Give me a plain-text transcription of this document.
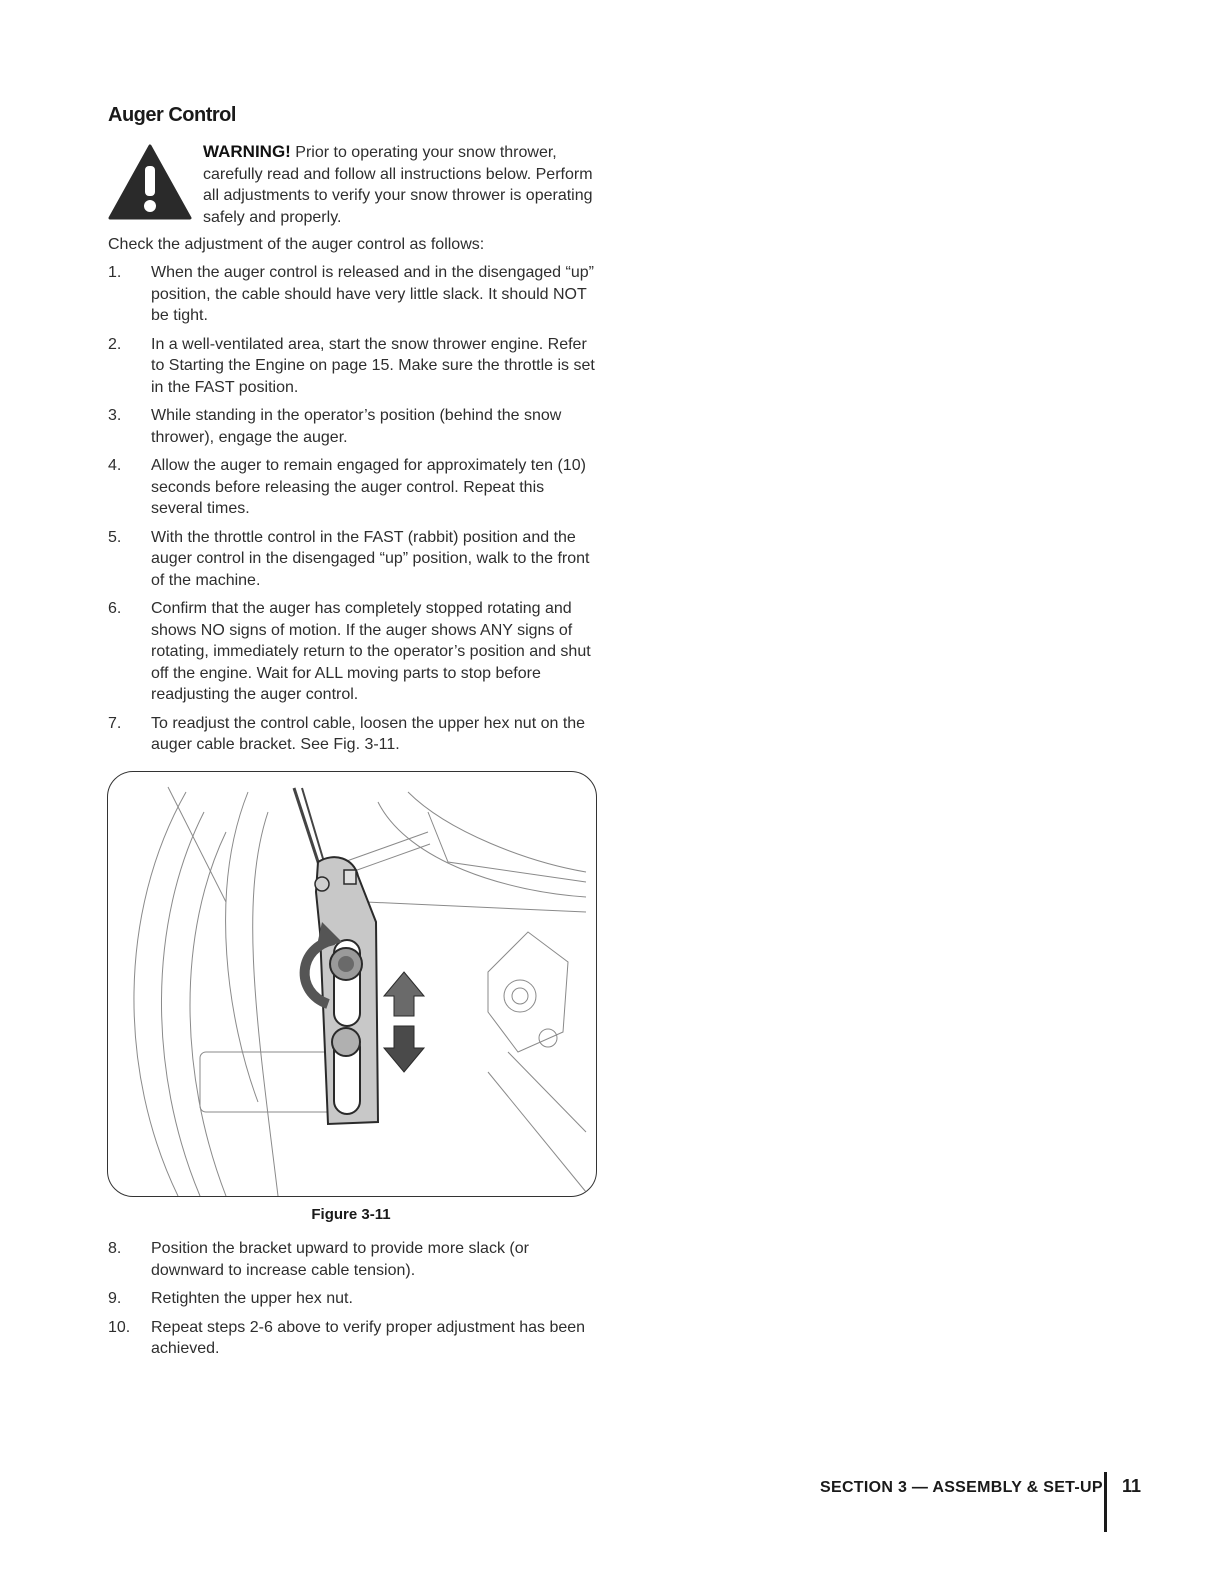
Auger Control
WARNING! Prior to operating your snow thrower, carefully read and follow all instructions below. Perform all adjustments to verify your snow thrower is operating safely and properly.
Check the adjustment of the auger control as follows:
1. When the auger control is released and in the disengaged “up” position, the cable should have very little slack. It should NOT be tight.
2. In a well-ventilated area, start the snow thrower engine. Refer to Starting the Engine on page 15. Make sure the throttle is set in the FAST position.
3. While standing in the operator’s position (behind the snow thrower), engage the auger.
4. Allow the auger to remain engaged for approximately ten (10) seconds before releasing the auger control. Repeat this several times.
5. With the throttle control in the FAST (rabbit) position and the auger control in the disengaged “up” position, walk to the front of the machine.
6. Confirm that the auger has completely stopped rotating and shows NO signs of motion. If the auger shows ANY signs of rotating, immediately return to the operator’s position and shut off the engine. Wait for ALL moving parts to stop before readjusting the auger control.
7. To readjust the control cable, loosen the upper hex nut on the auger cable bracket. See Fig. 3-11.
Figure 3-11
8. Position the bracket upward to provide more slack (or downward to increase cable tension).
9. Retighten the upper hex nut.
10. Repeat steps 2-6 above to verify proper adjustment has been achieved.
SECTION 3 — ASSEMBLY & SET-UP 11
